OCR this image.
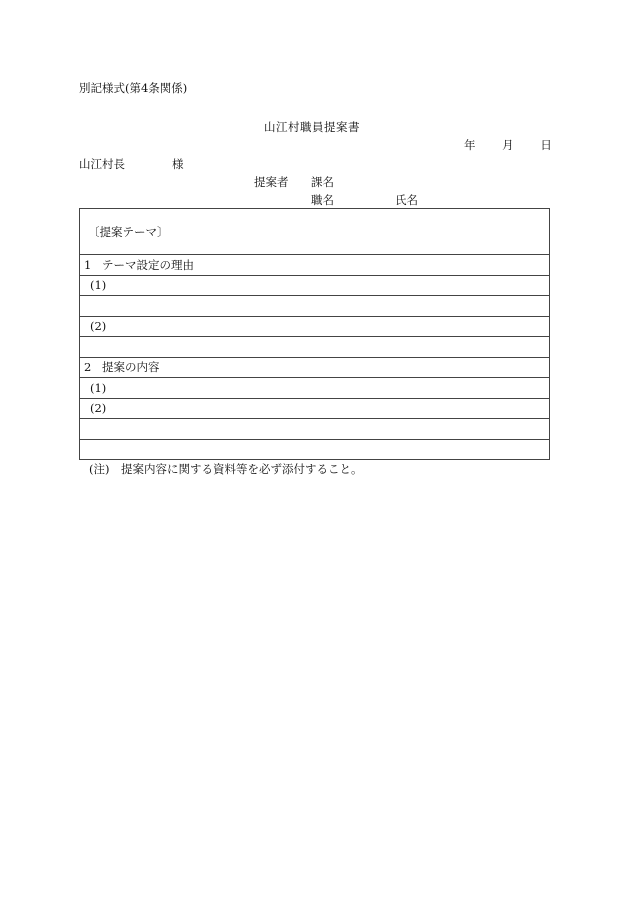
別記様式(第4条関係)
山江村職員提案書
年 月 日
山江村長	様
提案者 課名
職名	氏名
〔提案テーマ〕
1 テーマ設定の理由
(1)
(2)
2 提案の内容
(1)
(2)
(注)　提案内容に関する資料等を必ず添付すること。
